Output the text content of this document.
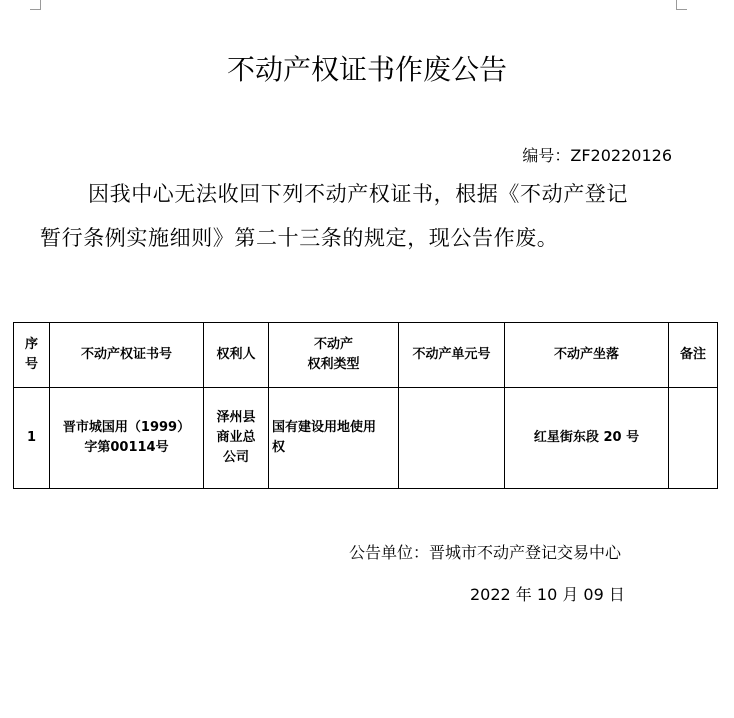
不动产权证书作废公告
编号：ZF20220126
因我中心无法收回下列不动产权证书，根据《不动产登记
暂行条例实施细则》第二十三条的规定，现公告作废。
序号	不动产权证书号	权利人	不动产
权利类型	不动产单元号	不动产坐落	备注
1	晋市城国用（1999）字第00114号	泽州县商业总公司	国有建设用地使用权		红星街东段 20 号	
公告单位：晋城市不动产登记交易中心
2022 年 10 月 09 日
